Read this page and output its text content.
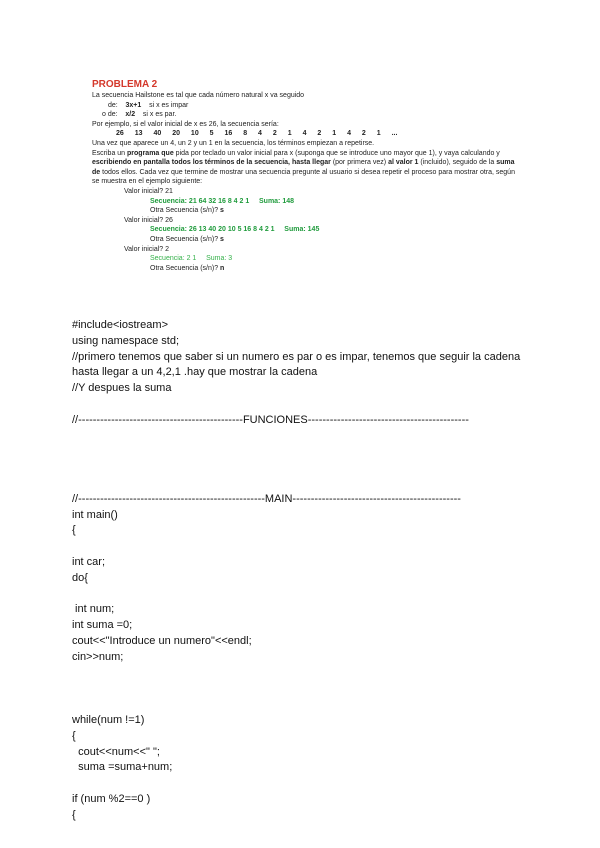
PROBLEMA 2
La secuencia Hailstone es tal que cada número natural x va seguido
de: 3x+1 si x es impar
o de: x/2 si x es par.
Por ejemplo, si el valor inicial de x es 26, la secuencia sería:
26 13 40 20 10 5 16 8 4 2 1 4 2 1 4 2 1 ...
Una vez que aparece un 4, un 2 y un 1 en la secuencia, los términos empiezan a repetirse.
Escriba un programa que pida por teclado un valor inicial para x (suponga que se introduce uno mayor que 1), y vaya calculando y escribiendo en pantalla todos los términos de la secuencia, hasta llegar (por primera vez) al valor 1 (incluido), seguido de la suma de todos ellos. Cada vez que termine de mostrar una secuencia pregunte al usuario si desea repetir el proceso para mostrar otra, según se muestra en el ejemplo siguiente:
Valor inicial? 21
Secuencia: 21 64 32 16 8 4 2 1 Suma: 148
Otra Secuencia (s/n)? s
Valor inicial? 26
Secuencia: 26 13 40 20 10 5 16 8 4 2 1 Suma: 145
Otra Secuencia (s/n)? s
Valor inicial? 2
Secuencia: 2 1 Suma: 3
Otra Secuencia (s/n)? n
#include<iostream>
using namespace std;
//primero tenemos que saber si un numero es par o es impar, tenemos que seguir la cadena hasta llegar a un 4,2,1 .hay que mostrar la cadena
//Y despues la suma
//---------------------------------------------FUNCIONES--------------------------------------------
//---------------------------------------------------MAIN----------------------------------------------
int main()
{
int car;
do{
int num;
int suma =0;
cout<<"Introduce un numero"<<endl;
cin>>num;
while(num !=1)
{
cout<<num<<" ";
suma =suma+num;
if (num %2==0 )
{
